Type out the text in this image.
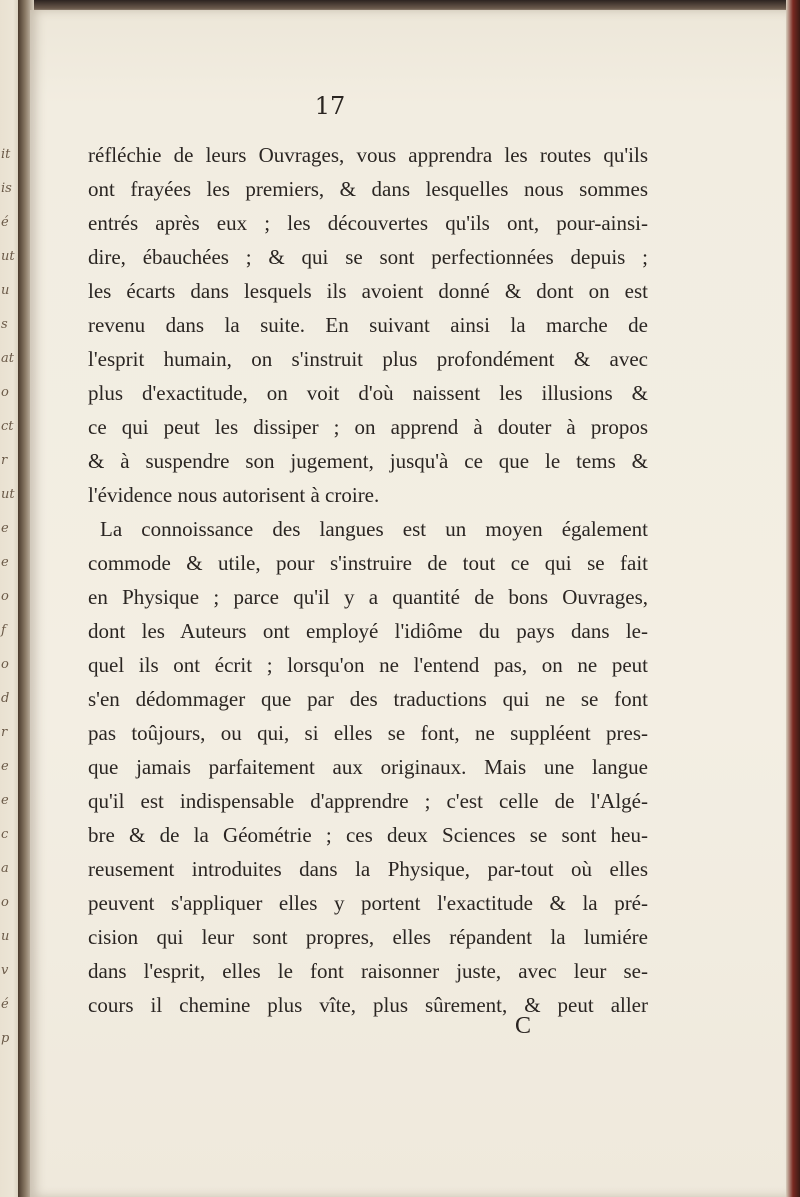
it
is
é
ut
u
s
at
o
ct
r
ut
e
e
o
f
o
d
r
e
e
c
a
o
u
v
é
p
17
réfléchie de leurs Ouvrages, vous apprendra les routes qu'ils
ont frayées les premiers, & dans lesquelles nous sommes
entrés après eux ; les découvertes qu'ils ont, pour-ainsi-
dire, ébauchées ; & qui se sont perfectionnées depuis ;
les écarts dans lesquels ils avoient donné & dont on est
revenu dans la suite. En suivant ainsi la marche de
l'esprit humain, on s'instruit plus profondément & avec
plus d'exactitude, on voit d'où naissent les illusions &
ce qui peut les dissiper ; on apprend à douter à propos
& à suspendre son jugement, jusqu'à ce que le tems &
l'évidence nous autorisent à croire.
La connoissance des langues est un moyen également
commode & utile, pour s'instruire de tout ce qui se fait
en Physique ; parce qu'il y a quantité de bons Ouvrages,
dont les Auteurs ont employé l'idiôme du pays dans le-
quel ils ont écrit ; lorsqu'on ne l'entend pas, on ne peut
s'en dédommager que par des traductions qui ne se font
pas toûjours, ou qui, si elles se font, ne suppléent pres-
que jamais parfaitement aux originaux. Mais une langue
qu'il est indispensable d'apprendre ; c'est celle de l'Algé-
bre & de la Géométrie ; ces deux Sciences se sont heu-
reusement introduites dans la Physique, par-tout où elles
peuvent s'appliquer elles y portent l'exactitude & la pré-
cision qui leur sont propres, elles répandent la lumiére
dans l'esprit, elles le font raisonner juste, avec leur se-
cours il chemine plus vîte, plus sûrement, & peut aller
C
